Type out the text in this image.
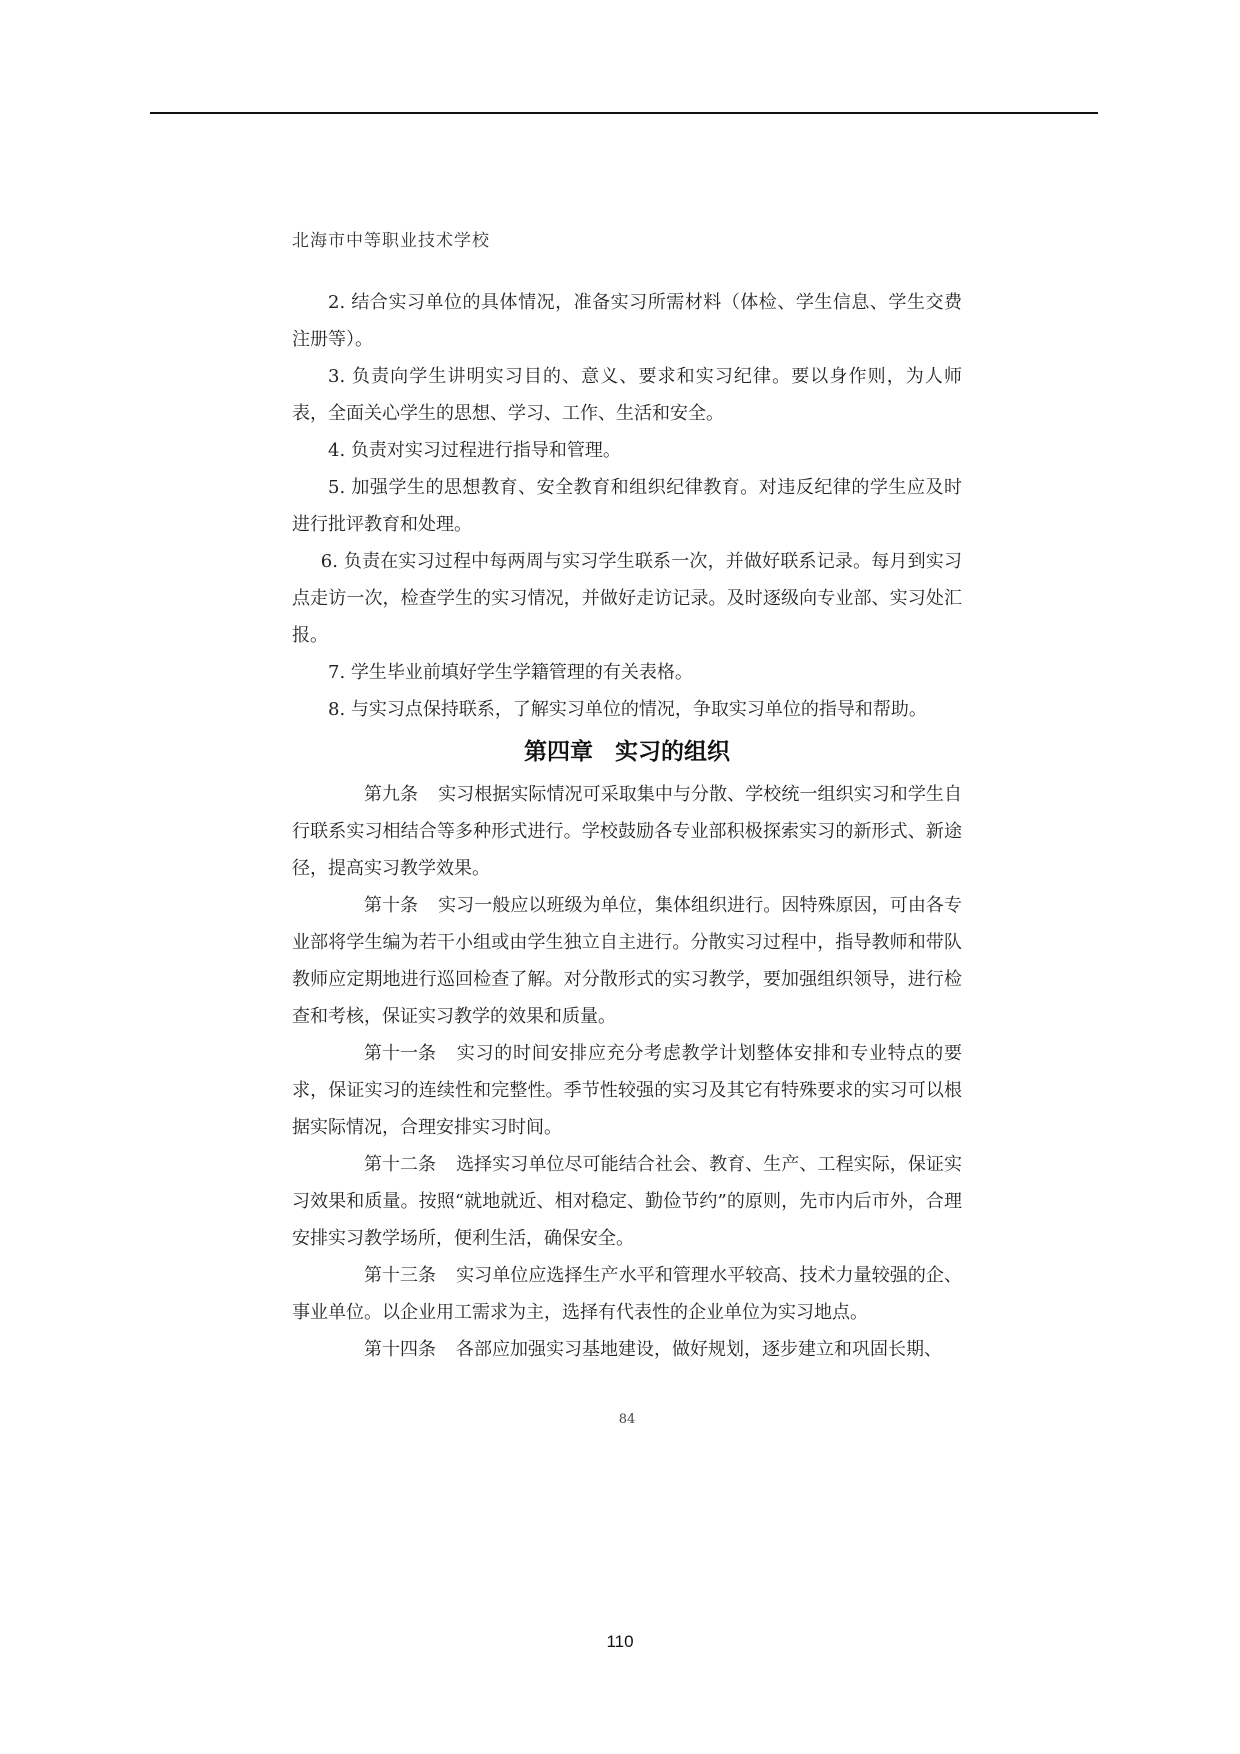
北海市中等职业技术学校

2. 结合实习单位的具体情况，准备实习所需材料（体检、学生信息、学生交费注册等）。

3. 负责向学生讲明实习目的、意义、要求和实习纪律。要以身作则，为人师表，全面关心学生的思想、学习、工作、生活和安全。

4. 负责对实习过程进行指导和管理。

5. 加强学生的思想教育、安全教育和组织纪律教育。对违反纪律的学生应及时进行批评教育和处理。

6. 负责在实习过程中每两周与实习学生联系一次，并做好联系记录。每月到实习点走访一次，检查学生的实习情况，并做好走访记录。及时逐级向专业部、实习处汇报。

7. 学生毕业前填好学生学籍管理的有关表格。

8. 与实习点保持联系，了解实习单位的情况，争取实习单位的指导和帮助。

第四章 实习的组织

第九条 实习根据实际情况可采取集中与分散、学校统一组织实习和学生自行联系实习相结合等多种形式进行。学校鼓励各专业部积极探索实习的新形式、新途径，提高实习教学效果。

第十条 实习一般应以班级为单位，集体组织进行。因特殊原因，可由各专业部将学生编为若干小组或由学生独立自主进行。分散实习过程中，指导教师和带队教师应定期地进行巡回检查了解。对分散形式的实习教学，要加强组织领导，进行检查和考核，保证实习教学的效果和质量。

第十一条 实习的时间安排应充分考虑教学计划整体安排和专业特点的要求，保证实习的连续性和完整性。季节性较强的实习及其它有特殊要求的实习可以根据实际情况，合理安排实习时间。

第十二条 选择实习单位尽可能结合社会、教育、生产、工程实际，保证实习效果和质量。按照“就地就近、相对稳定、勤俭节约”的原则，先市内后市外，合理安排实习教学场所，便利生活，确保安全。

第十三条 实习单位应选择生产水平和管理水平较高、技术力量较强的企、事业单位。以企业用工需求为主，选择有代表性的企业单位为实习地点。

第十四条 各部应加强实习基地建设，做好规划，逐步建立和巩固长期、

84
110
